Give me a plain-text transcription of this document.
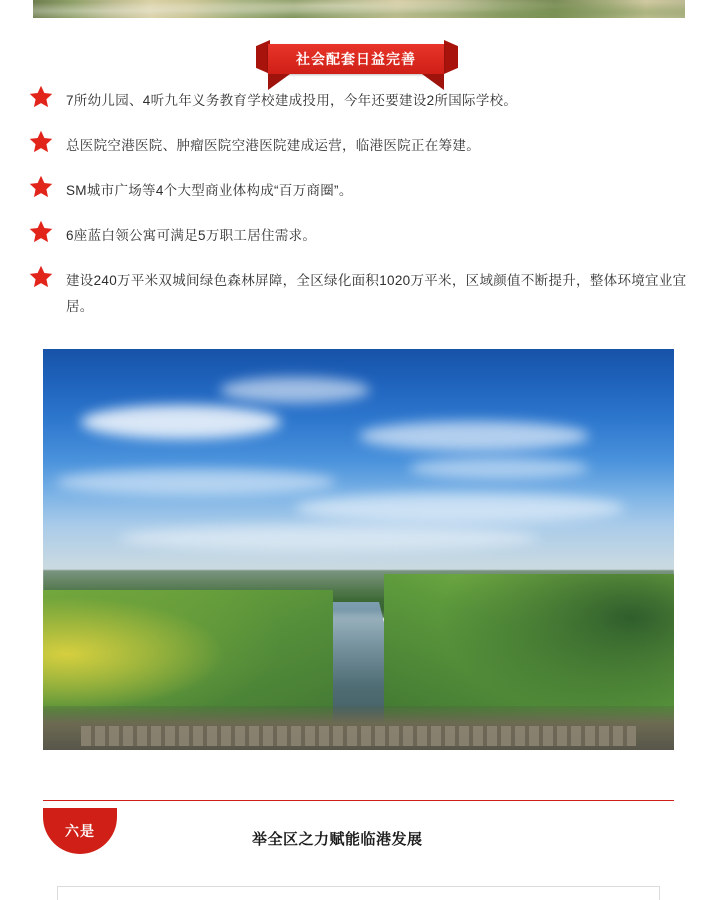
社会配套日益完善
7所幼儿园、4听九年义务教育学校建成投用，今年还要建设2所国际学校。
总医院空港医院、肿瘤医院空港医院建成运营，临港医院正在筹建。
SM城市广场等4个大型商业体构成“百万商圈”。
6座蓝白领公寓可满足5万职工居住需求。
建设240万平米双城间绿色森林屏障，全区绿化面积1020万平米，区域颜值不断提升，整体环境宜业宜居。
六是	举全区之力赋能临港发展
